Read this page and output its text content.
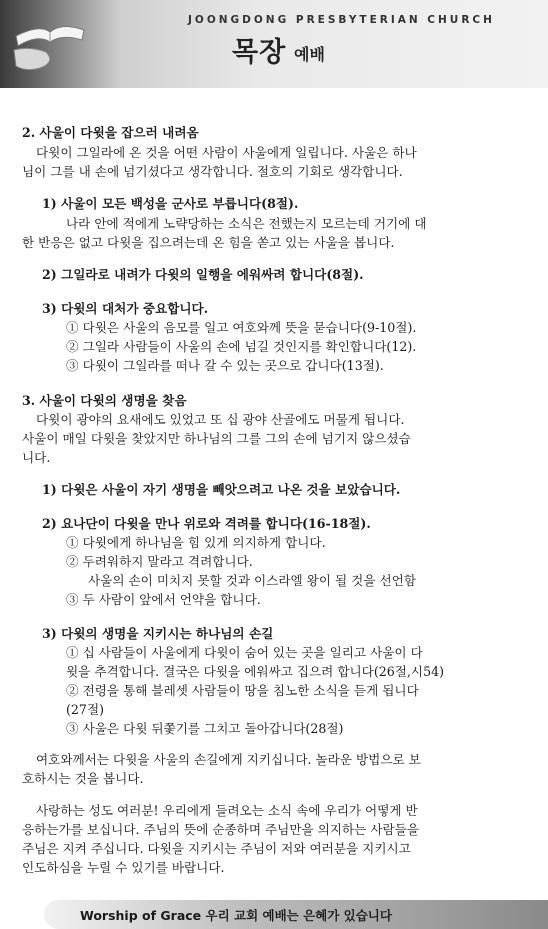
JOONGDONG PRESBYTERIAN CHURCH
목장 예배

2. 사울이 다윗을 잡으러 내려옴

다윗이 그일라에 온 것을 어떤 사람이 사울에게 일립니다. 사울은 하나

님이 그를 내 손에 넘기셨다고 생각합니다. 절호의 기회로 생각합니다.

1) 사울이 모든 백성을 군사로 부릅니다(8절).

나라 안에 적에게 노략당하는 소식은 전했는지 모르는데 거기에 대

한 반응은 없고 다윗을 집으려는데 온 힘을 쏟고 있는 사울을 봅니다.

2) 그일라로 내려가 다윗의 일행을 에워싸려 합니다(8절).

3) 다윗의 대처가 중요합니다.

① 다윗은 사울의 음모를 일고 여호와께 뜻을 묻습니다(9-10절).

② 그일라 사람들이 사울의 손에 넘길 것인지를 확인합니다(12).

③ 다윗이 그일라를 떠나 갈 수 있는 곳으로 갑니다(13절).

3. 사울이 다윗의 생명을 찾음

다윗이 광야의 요새에도 있었고 또 십 광야 산골에도 머물게 됩니다.

사울이 매일 다윗을 찾았지만 하나님의 그를 그의 손에 넘기지 않으셨습

니다.

1) 다윗은 사울이 자기 생명을 빼앗으려고 나온 것을 보았습니다.

2) 요나단이 다윗을 만나 위로와 격려를 합니다(16-18절).

① 다윗에게 하나님을 힘 있게 의지하게 합니다.

② 두려워하지 말라고 격려합니다.

사울의 손이 미치지 못할 것과 이스라엘 왕이 될 것을 선언함

③ 두 사람이 앞에서 언약을 합니다.

3) 다윗의 생명을 지키시는 하나님의 손길

① 십 사람들이 사울에게 다윗이 숨어 있는 곳을 일리고 사울이 다

윗을 추격합니다. 결국은 다윗을 에워싸고 집으려 합니다(26절,시54)

② 전령을 통해 블레셋 사람들이 땅을 침노한 소식을 듣게 됩니다

(27절)

③ 사울은 다윗 뒤쫓기를 그치고 돌아갑니다(28절)

여호와께서는 다윗을 사울의 손길에게 지키십니다. 놀라운 방법으로 보

호하시는 것을 봅니다.

사랑하는 성도 여러분! 우리에게 들려오는 소식 속에 우리가 어떻게 반

응하는가를 보십니다. 주님의 뜻에 순종하며 주님만을 의지하는 사람들을

주님은 지켜 주십니다. 다윗을 지키시는 주님이 저와 여러분을 지키시고

인도하심을 누릴 수 있기를 바랍니다.

Worship of Grace 우리 교회 예배는 은혜가 있습니다
